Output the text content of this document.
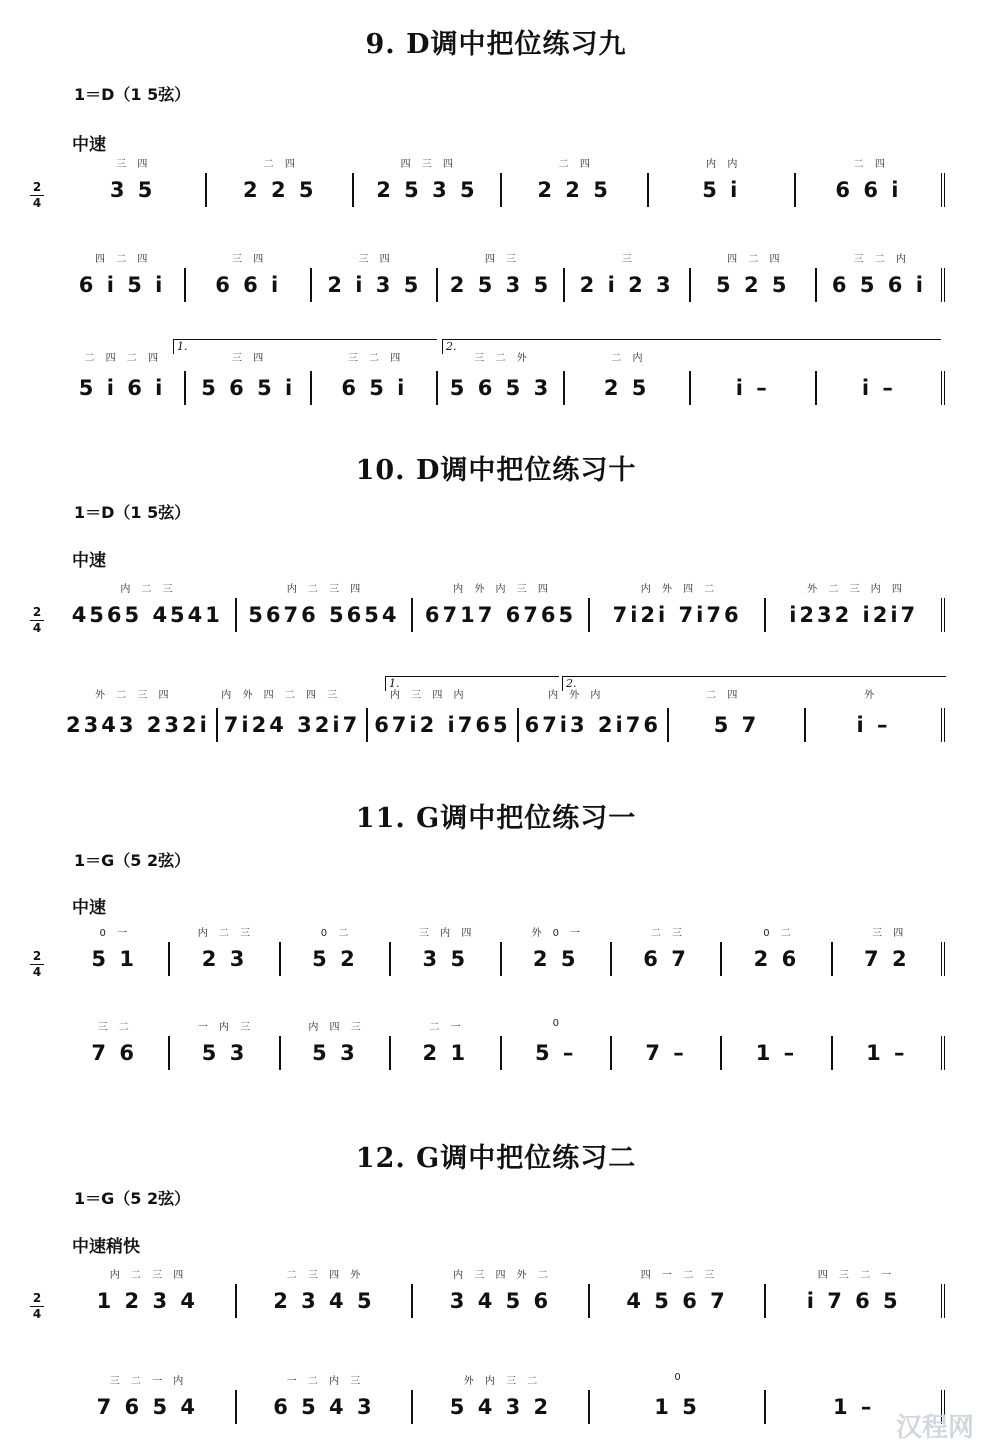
9. D调中把位练习九
1＝D（1 5弦）
中速
2
4
三 四	二 四	四 三 四	二 四	内 内	二 四
3 5	2 2 5	2 5 3 5	2 2 5	5 i	6 6 i
四 二 四	三 四	三 四	四 三	三	四 二 四	三 二 内
6 i 5 i	6 6 i	2 i 3 5	2 5 3 5	2 i 2 3	5 2 5	6 5 6 i
1.	2.
二 四 二 四	三 四	三 二 四	三 二 外	二 内
5 i 6 i	5 6 5 i	6 5 i	5 6 5 3	2 5	i –	i –
10. D调中把位练习十
1＝D（1 5弦）
中速
2
4
内 二 三	内 二 三 四	内 外 内 三 四	内 外 四 二	外 二 三 内 四
4565 4541	5676 5654	6717 6765	7i2i 7i76	i232 i2i7
1.	2.
外 二 三 四	内 外 四 二 四 三	内 三 四 内	内 外 内	二 四	外
2343 232i 7i24 32i7 67i2 i765 67i3 2i76	5 7	i –
11. G调中把位练习一
1＝G（5 2弦）
中速
2
4
0 一	内 二 三	0 二	三 内 四	外 0 一	二 三	0 二	三 四
5 1	2 3	5 2	3 5	2 5	6 7	2 6	7 2
三 二	一 内 三	内 四 三	二 一	0
7 6	5 3	5 3	2 1	5 –	7 –	1 –	1 –
12. G调中把位练习二
1＝G（5 2弦）
中速稍快
2
4
内 二 三 四	二 三 四 外	内 三 四 外 二	四 一 二 三	四 三 二 一
1 2 3 4	2 3 4 5	3 4 5 6	4 5 6 7	i 7 6 5
三 二 一 内	一 二 内 三	外 内 三 二	0
7 6 5 4	6 5 4 3	5 4 3 2	1 5	1 –
汉程网
